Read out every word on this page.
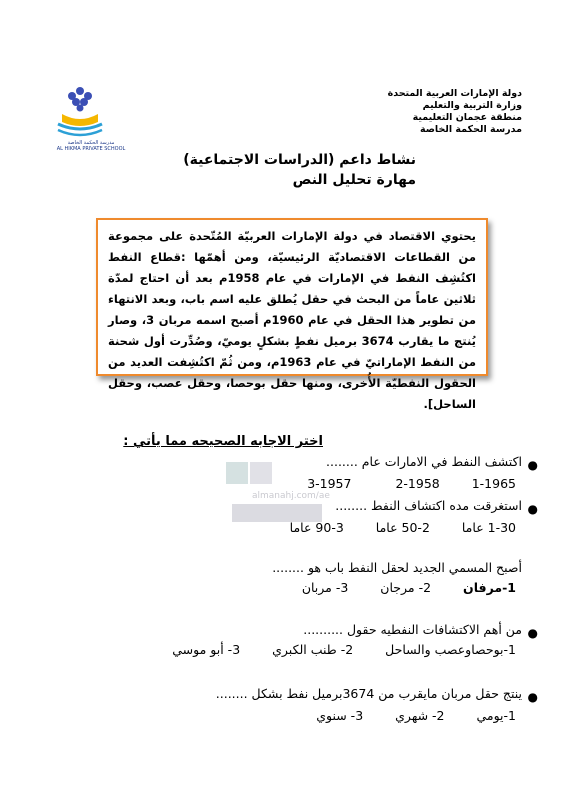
دولة الإمارات العربية المتحدة
وزارة التربية والتعليم
منطقة عجمان التعليمية
مدرسة الحكمة الخاصة
مدرسة الحكمة الخاصة
AL HIKMA PRIVATE SCHOOL
نشاط داعم (الدراسات الاجتماعية)
مهارة تحليل النص
يحتوي الاقتصاد في دولة الإمارات العربيّة المُتّحدة على مجموعة من القطاعات الاقتصاديّة الرئيسيّة، ومن أهمّها :قطاع النفط اكتُشِف النفط في الإمارات في عام 1958م بعد أن احتاج لمدّة ثلاثين عاماً من البحث في حقل يُطلق عليه اسم باب، وبعد الانتهاء من تطوير هذا الحقل في عام 1960م أصبح اسمه مربان 3، وصار يُنتج ما يقارب 3674 برميل نفطٍ بشكلٍ يوميّ، وصُدِّرت أول شحنة من النفط الإماراتيّ في عام 1963م، ومن ثُمّ اكتُشِفت العديد من الحقول النفطيّة الأُخرى، ومنها حقل بوحصا، وحقل عصب، وحقل الساحل].
اختر الاجابه الصحيحه مما يأتي :
almanahj.com/ae
●
اكتشف النفط في الامارات عام ........
1-1965 2-1958 3-1957
●
استغرقت مده اكتشاف النفط ........
1-30 عاما 2-50 عاما 3-90 عاما
أصبح المسمي الجديد لحقل النفط باب هو ........
1-مرفان 2- مرجان 3- مربان
●
من أهم الاكتشافات النفطيه حقول ..........
1-بوحصاوعصب والساحل 2- طنب الكبري 3- أبو موسي
●
ينتج حقل مربان مايقرب من 3674برميل نفط بشكل ........
1-يومي 2- شهري 3- سنوي
